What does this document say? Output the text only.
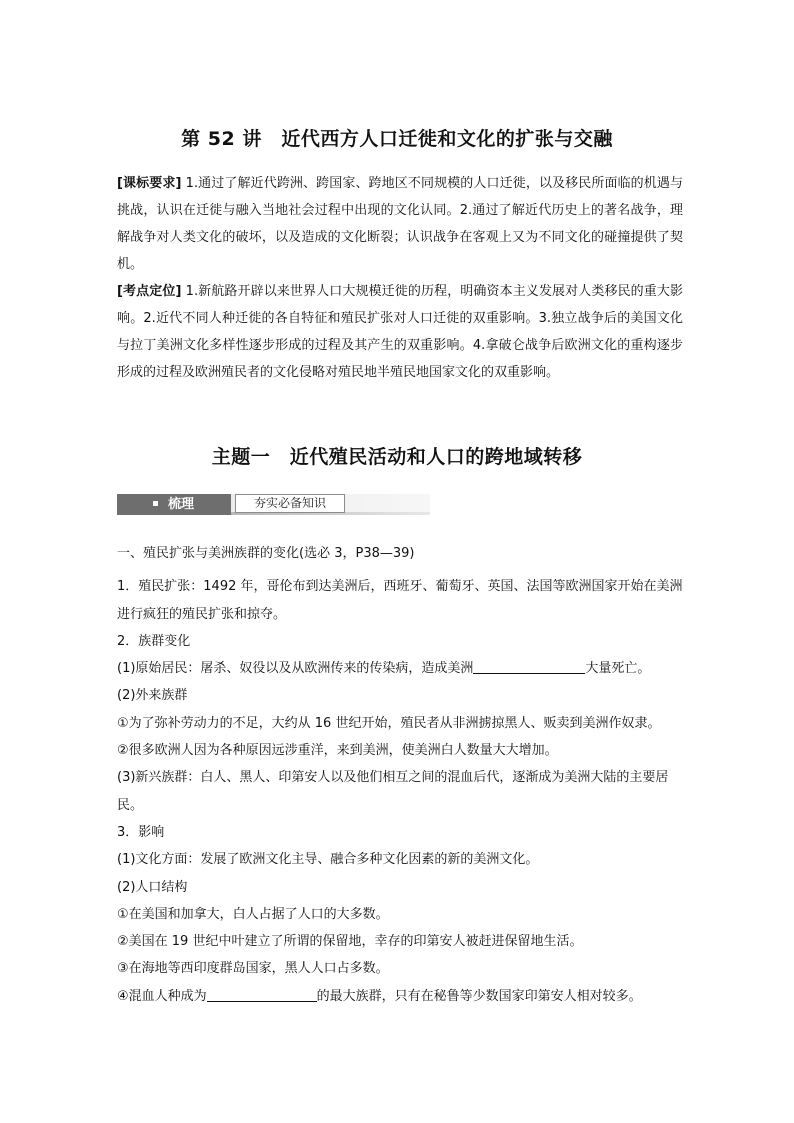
第 52 讲　近代西方人口迁徙和文化的扩张与交融

[课标要求] 1.通过了解近代跨洲、跨国家、跨地区不同规模的人口迁徙，以及移民所面临的机遇与挑战，认识在迁徙与融入当地社会过程中出现的文化认同。2.通过了解近代历史上的著名战争，理解战争对人类文化的破坏，以及造成的文化断裂；认识战争在客观上又为不同文化的碰撞提供了契机。

[考点定位] 1.新航路开辟以来世界人口大规模迁徙的历程，明确资本主义发展对人类移民的重大影响。2.近代不同人种迁徙的各自特征和殖民扩张对人口迁徙的双重影响。3.独立战争后的美国文化与拉丁美洲文化多样性逐步形成的过程及其产生的双重影响。4.拿破仑战争后欧洲文化的重构逐步形成的过程及欧洲殖民者的文化侵略对殖民地半殖民地国家文化的双重影响。

主题一　近代殖民活动和人口的跨地域转移
梳理	夯实必备知识

一、殖民扩张与美洲族群的变化(选必 3，P38—39)

1．殖民扩张：1492 年，哥伦布到达美洲后，西班牙、葡萄牙、英国、法国等欧洲国家开始在美洲进行疯狂的殖民扩张和掠夺。

2．族群变化

(1)原始居民：屠杀、奴役以及从欧洲传来的传染病，造成美洲	大量死亡。

(2)外来族群

①为了弥补劳动力的不足，大约从 16 世纪开始，殖民者从非洲掳掠黑人、贩卖到美洲作奴隶。

②很多欧洲人因为各种原因远涉重洋，来到美洲，使美洲白人数量大大增加。

(3)新兴族群：白人、黑人、印第安人以及他们相互之间的混血后代，逐渐成为美洲大陆的主要居民。

3．影响

(1)文化方面：发展了欧洲文化主导、融合多种文化因素的新的美洲文化。

(2)人口结构

①在美国和加拿大，白人占据了人口的大多数。

②美国在 19 世纪中叶建立了所谓的保留地，幸存的印第安人被赶进保留地生活。

③在海地等西印度群岛国家，黑人人口占多数。

④混血人种成为	的最大族群，只有在秘鲁等少数国家印第安人相对较多。
